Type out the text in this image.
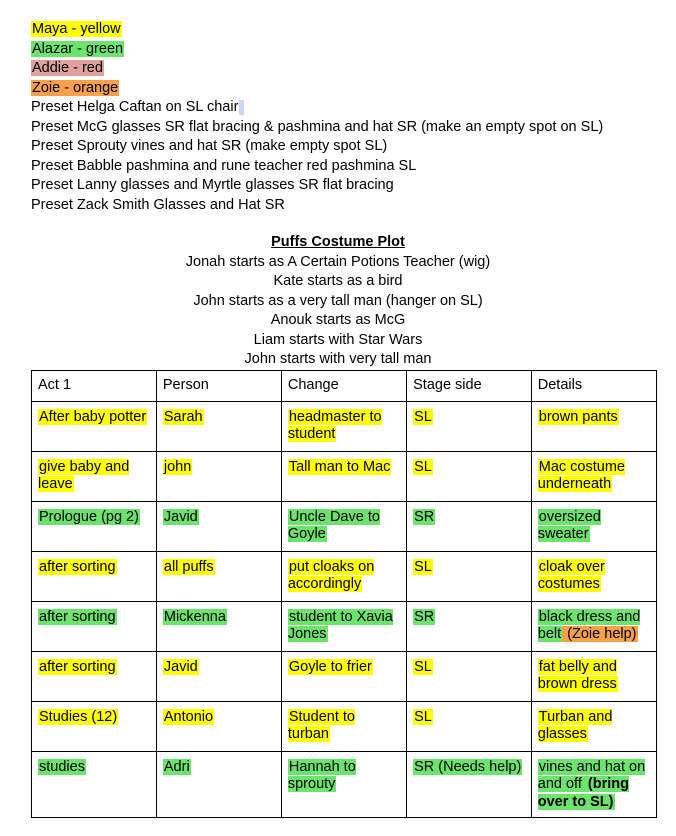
Maya - yellow
Alazar - green
Addie - red
Zoie - orange
Preset Helga Caftan on SL chair
Preset McG glasses SR flat bracing & pashmina and hat SR (make an empty spot on SL)
Preset Sprouty vines and hat SR (make empty spot SL)
Preset Babble pashmina and rune teacher red pashmina SL
Preset Lanny glasses and Myrtle glasses SR flat bracing
Preset Zack Smith Glasses and Hat SR
Puffs Costume Plot
Jonah starts as A Certain Potions Teacher (wig)
Kate starts as a bird
John starts as a very tall man (hanger on SL)
Anouk starts as McG
Liam starts with Star Wars
John starts with very tall man
Act 1	Person	Change	Stage side	Details
After baby potter	Sarah	headmaster to student	SL	brown pants
give baby and leave	john	Tall man to Mac	SL	Mac costume underneath
Prologue (pg 2)	Javid	Uncle Dave to Goyle	SR	oversized sweater
after sorting	all puffs	put cloaks on accordingly	SL	cloak over costumes
after sorting	Mickenna	student to Xavia Jones	SR	black dress and belt (Zoie help)
after sorting	Javid	Goyle to frier	SL	fat belly and brown dress
Studies (12)	Antonio	Student to turban	SL	Turban and glasses
studies	Adri	Hannah to sprouty	SR (Needs help)	vines and hat on and off (bring over to SL)
